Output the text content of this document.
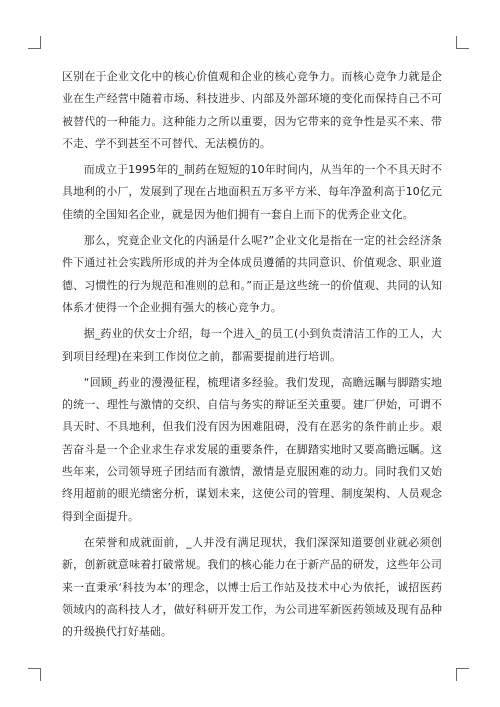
区别在于企业文化中的核心价值观和企业的核心竞争力。而核心竞争力就是企业在生产经营中随着市场、科技进步、内部及外部环境的变化而保持自己不可被替代的一种能力。这种能力之所以重要，因为它带来的竞争性是买不来、带不走、学不到甚至不可替代、无法模仿的。

而成立于1995年的_制药在短短的10年时间内，从当年的一个不具天时不具地利的小厂，发展到了现在占地面积五万多平方米、每年净盈利高于10亿元佳绩的全国知名企业，就是因为他们拥有一套自上而下的优秀企业文化。

那么，究竟企业文化的内涵是什么呢?”企业文化是指在一定的社会经济条件下通过社会实践所形成的并为全体成员遵循的共同意识、价值观念、职业道德、习惯性的行为规范和准则的总和。”而正是这些统一的价值观、共同的认知体系才使得一个企业拥有强大的核心竞争力。

据_药业的伏女士介绍，每一个进入_的员工(小到负责清洁工作的工人，大到项目经理)在来到工作岗位之前，都需要提前进行培训。

“回顾_药业的漫漫征程，梳理诸多经验。我们发现，高瞻远瞩与脚踏实地的统一、理性与激情的交织、自信与务实的辩证至关重要。建厂伊始，可谓不具天时、不具地利，但我们没有因为困难阻碍，没有在恶劣的条件前止步。艰苦奋斗是一个企业求生存求发展的重要条件，在脚踏实地时又要高瞻远瞩。这些年来，公司领导班子团结而有激情，激情是克服困难的动力。同时我们又始终用超前的眼光绩密分析，谋划未来，这使公司的管理、制度架构、人员观念得到全面提升。

在荣誉和成就面前，_人并没有满足现状，我们深深知道要创业就必须创新，创新就意味着打破常规。我们的核心能力在于新产品的研发，这些年公司来一直秉承‘科技为本’的理念，以博士后工作站及技术中心为依托，诚招医药领域内的高科技人才，做好科研开发工作，为公司进军新医药领域及现有品种的升级换代打好基础。
